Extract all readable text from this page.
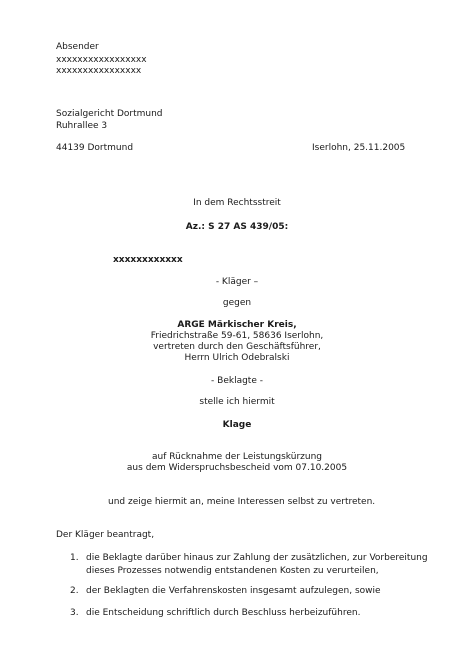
Absender
xxxxxxxxxxxxxxxxx
xxxxxxxxxxxxxxxx
Sozialgericht Dortmund
Ruhrallee 3
44139 Dortmund	Iserlohn, 25.11.2005
In dem Rechtsstreit
Az.: S 27 AS 439/05:
xxxxxxxxxxxx
- Kläger –
gegen
ARGE Märkischer Kreis,
Friedrichstraße 59-61, 58636 Iserlohn,
vertreten durch den Geschäftsführer,
Herrn Ulrich Odebralski
- Beklagte -
stelle ich hiermit
Klage
auf Rücknahme der Leistungskürzung
aus dem Widerspruchsbescheid vom 07.10.2005
und zeige hiermit an, meine Interessen selbst zu vertreten.
Der Kläger beantragt,
1. die Beklagte darüber hinaus zur Zahlung der zusätzlichen, zur Vorbereitung
dieses Prozesses notwendig entstandenen Kosten zu verurteilen,
2. der Beklagten die Verfahrenskosten insgesamt aufzulegen, sowie
3. die Entscheidung schriftlich durch Beschluss herbeizuführen.
